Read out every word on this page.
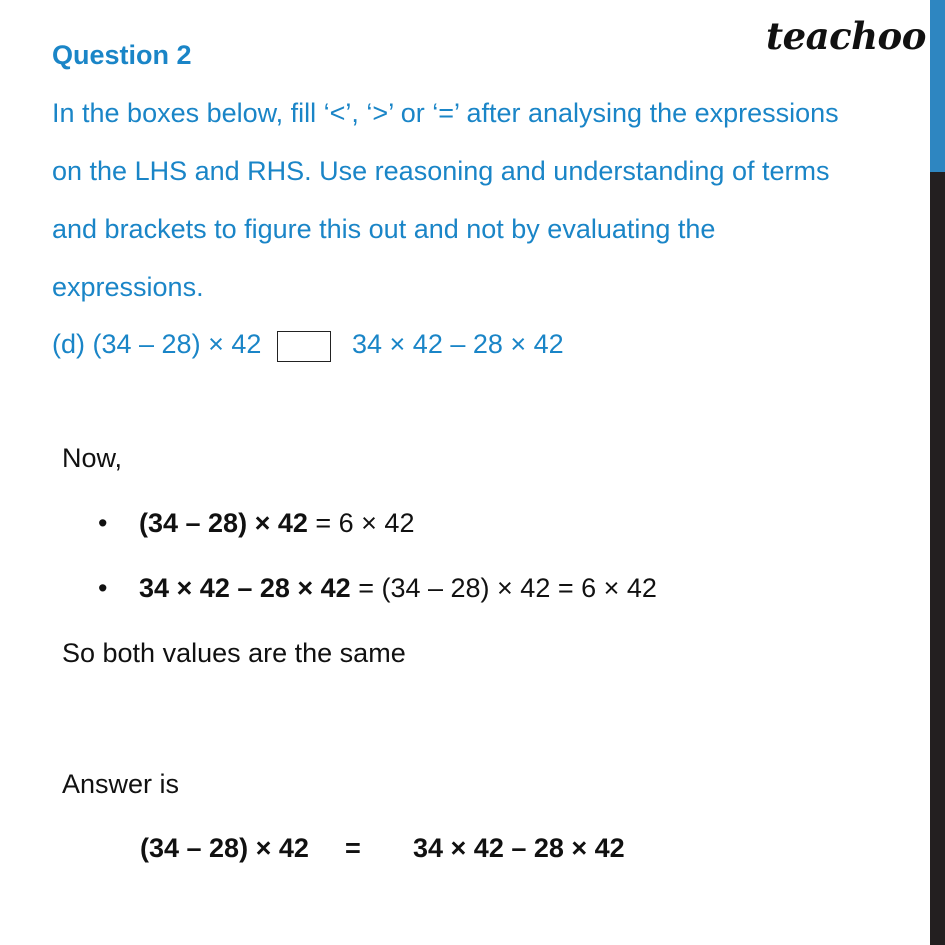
teachoo
Question 2
In the boxes below, fill ‘<’, ‘>’ or ‘=’ after analysing the expressions
on the LHS and RHS. Use reasoning and understanding of terms
and brackets to figure this out and not by evaluating the
expressions.
(d) (34 – 28) × 42	34 × 42 – 28 × 42
Now,
• (34 – 28) × 42 = 6 × 42
• 34 × 42 – 28 × 42 = (34 – 28) × 42 = 6 × 42
So both values are the same
Answer is
(34 – 28) × 42 = 34 × 42 – 28 × 42
